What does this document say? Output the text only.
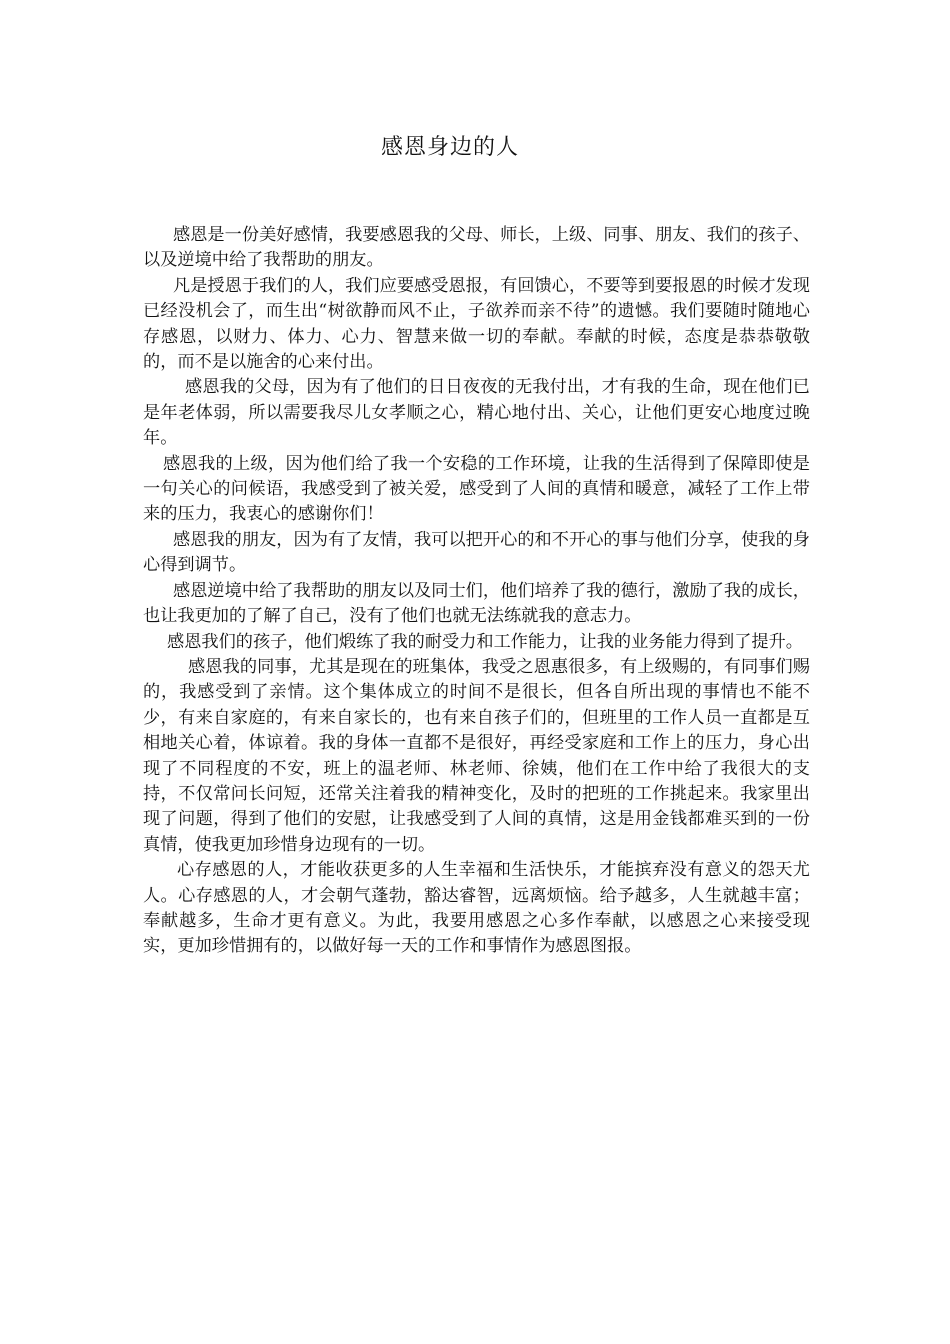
感恩身边的人

感恩是一份美好感情，我要感恩我的父母、师长，上级、同事、朋友、我们的孩子、以及逆境中给了我帮助的朋友。

凡是授恩于我们的人，我们应要感受恩报，有回馈心，不要等到要报恩的时候才发现已经没机会了，而生出“树欲静而风不止，子欲养而亲不待”的遗憾。我们要随时随地心存感恩，以财力、体力、心力、智慧来做一切的奉献。奉献的时候，态度是恭恭敬敬的，而不是以施舍的心来付出。

感恩我的父母，因为有了他们的日日夜夜的无我付出，才有我的生命，现在他们已是年老体弱，所以需要我尽儿女孝顺之心，精心地付出、关心，让他们更安心地度过晚年。

感恩我的上级，因为他们给了我一个安稳的工作环境，让我的生活得到了保障即使是一句关心的问候语，我感受到了被关爱，感受到了人间的真情和暖意，减轻了工作上带来的压力，我衷心的感谢你们！

感恩我的朋友，因为有了友情，我可以把开心的和不开心的事与他们分享，使我的身心得到调节。

感恩逆境中给了我帮助的朋友以及同士们，他们培养了我的德行，激励了我的成长，也让我更加的了解了自己，没有了他们也就无法练就我的意志力。

感恩我们的孩子，他们煅练了我的耐受力和工作能力，让我的业务能力得到了提升。

感恩我的同事，尤其是现在的班集体，我受之恩惠很多，有上级赐的，有同事们赐的，我感受到了亲情。这个集体成立的时间不是很长，但各自所出现的事情也不能不少，有来自家庭的，有来自家长的，也有来自孩子们的，但班里的工作人员一直都是互相地关心着，体谅着。我的身体一直都不是很好，再经受家庭和工作上的压力，身心出现了不同程度的不安，班上的温老师、林老师、徐姨，他们在工作中给了我很大的支持，不仅常问长问短，还常关注着我的精神变化，及时的把班的工作挑起来。我家里出现了问题，得到了他们的安慰，让我感受到了人间的真情，这是用金钱都难买到的一份真情，使我更加珍惜身边现有的一切。

心存感恩的人，才能收获更多的人生幸福和生活快乐，才能摈弃没有意义的怨天尤人。心存感恩的人，才会朝气蓬勃，豁达睿智，远离烦恼。给予越多，人生就越丰富；奉献越多，生命才更有意义。为此，我要用感恩之心多作奉献，以感恩之心来接受现实，更加珍惜拥有的，以做好每一天的工作和事情作为感恩图报。
